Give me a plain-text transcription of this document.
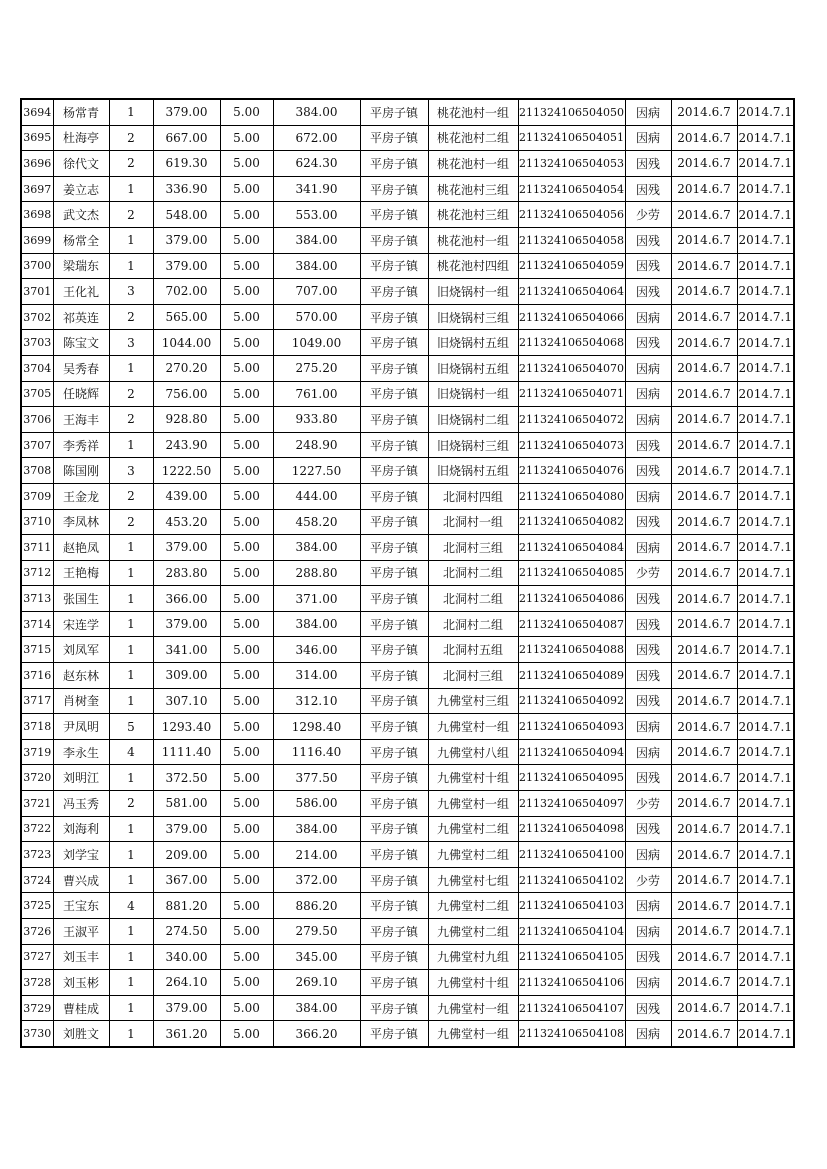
3694	杨常青	1	379.00	5.00	384.00	平房子镇	桃花池村一组	211324106504050	因病	2014.6.7	2014.7.1
3695	杜海亭	2	667.00	5.00	672.00	平房子镇	桃花池村二组	211324106504051	因病	2014.6.7	2014.7.1
3696	徐代文	2	619.30	5.00	624.30	平房子镇	桃花池村一组	211324106504053	因残	2014.6.7	2014.7.1
3697	姜立志	1	336.90	5.00	341.90	平房子镇	桃花池村三组	211324106504054	因残	2014.6.7	2014.7.1
3698	武文杰	2	548.00	5.00	553.00	平房子镇	桃花池村三组	211324106504056	少劳	2014.6.7	2014.7.1
3699	杨常全	1	379.00	5.00	384.00	平房子镇	桃花池村一组	211324106504058	因残	2014.6.7	2014.7.1
3700	梁瑞东	1	379.00	5.00	384.00	平房子镇	桃花池村四组	211324106504059	因残	2014.6.7	2014.7.1
3701	王化礼	3	702.00	5.00	707.00	平房子镇	旧烧锅村一组	211324106504064	因残	2014.6.7	2014.7.1
3702	祁英连	2	565.00	5.00	570.00	平房子镇	旧烧锅村三组	211324106504066	因病	2014.6.7	2014.7.1
3703	陈宝文	3	1044.00	5.00	1049.00	平房子镇	旧烧锅村五组	211324106504068	因残	2014.6.7	2014.7.1
3704	吴秀春	1	270.20	5.00	275.20	平房子镇	旧烧锅村五组	211324106504070	因病	2014.6.7	2014.7.1
3705	任晓辉	2	756.00	5.00	761.00	平房子镇	旧烧锅村一组	211324106504071	因病	2014.6.7	2014.7.1
3706	王海丰	2	928.80	5.00	933.80	平房子镇	旧烧锅村二组	211324106504072	因病	2014.6.7	2014.7.1
3707	李秀祥	1	243.90	5.00	248.90	平房子镇	旧烧锅村三组	211324106504073	因残	2014.6.7	2014.7.1
3708	陈国刚	3	1222.50	5.00	1227.50	平房子镇	旧烧锅村五组	211324106504076	因残	2014.6.7	2014.7.1
3709	王金龙	2	439.00	5.00	444.00	平房子镇	北洞村四组	211324106504080	因病	2014.6.7	2014.7.1
3710	李凤林	2	453.20	5.00	458.20	平房子镇	北洞村一组	211324106504082	因残	2014.6.7	2014.7.1
3711	赵艳凤	1	379.00	5.00	384.00	平房子镇	北洞村三组	211324106504084	因病	2014.6.7	2014.7.1
3712	王艳梅	1	283.80	5.00	288.80	平房子镇	北洞村二组	211324106504085	少劳	2014.6.7	2014.7.1
3713	张国生	1	366.00	5.00	371.00	平房子镇	北洞村二组	211324106504086	因残	2014.6.7	2014.7.1
3714	宋连学	1	379.00	5.00	384.00	平房子镇	北洞村二组	211324106504087	因残	2014.6.7	2014.7.1
3715	刘凤军	1	341.00	5.00	346.00	平房子镇	北洞村五组	211324106504088	因残	2014.6.7	2014.7.1
3716	赵东林	1	309.00	5.00	314.00	平房子镇	北洞村三组	211324106504089	因残	2014.6.7	2014.7.1
3717	肖树奎	1	307.10	5.00	312.10	平房子镇	九佛堂村三组	211324106504092	因残	2014.6.7	2014.7.1
3718	尹凤明	5	1293.40	5.00	1298.40	平房子镇	九佛堂村一组	211324106504093	因病	2014.6.7	2014.7.1
3719	李永生	4	1111.40	5.00	1116.40	平房子镇	九佛堂村八组	211324106504094	因病	2014.6.7	2014.7.1
3720	刘明江	1	372.50	5.00	377.50	平房子镇	九佛堂村十组	211324106504095	因残	2014.6.7	2014.7.1
3721	冯玉秀	2	581.00	5.00	586.00	平房子镇	九佛堂村一组	211324106504097	少劳	2014.6.7	2014.7.1
3722	刘海利	1	379.00	5.00	384.00	平房子镇	九佛堂村二组	211324106504098	因残	2014.6.7	2014.7.1
3723	刘学宝	1	209.00	5.00	214.00	平房子镇	九佛堂村二组	211324106504100	因病	2014.6.7	2014.7.1
3724	曹兴成	1	367.00	5.00	372.00	平房子镇	九佛堂村七组	211324106504102	少劳	2014.6.7	2014.7.1
3725	王宝东	4	881.20	5.00	886.20	平房子镇	九佛堂村二组	211324106504103	因病	2014.6.7	2014.7.1
3726	王淑平	1	274.50	5.00	279.50	平房子镇	九佛堂村二组	211324106504104	因病	2014.6.7	2014.7.1
3727	刘玉丰	1	340.00	5.00	345.00	平房子镇	九佛堂村九组	211324106504105	因残	2014.6.7	2014.7.1
3728	刘玉彬	1	264.10	5.00	269.10	平房子镇	九佛堂村十组	211324106504106	因病	2014.6.7	2014.7.1
3729	曹桂成	1	379.00	5.00	384.00	平房子镇	九佛堂村一组	211324106504107	因残	2014.6.7	2014.7.1
3730	刘胜文	1	361.20	5.00	366.20	平房子镇	九佛堂村一组	211324106504108	因病	2014.6.7	2014.7.1
